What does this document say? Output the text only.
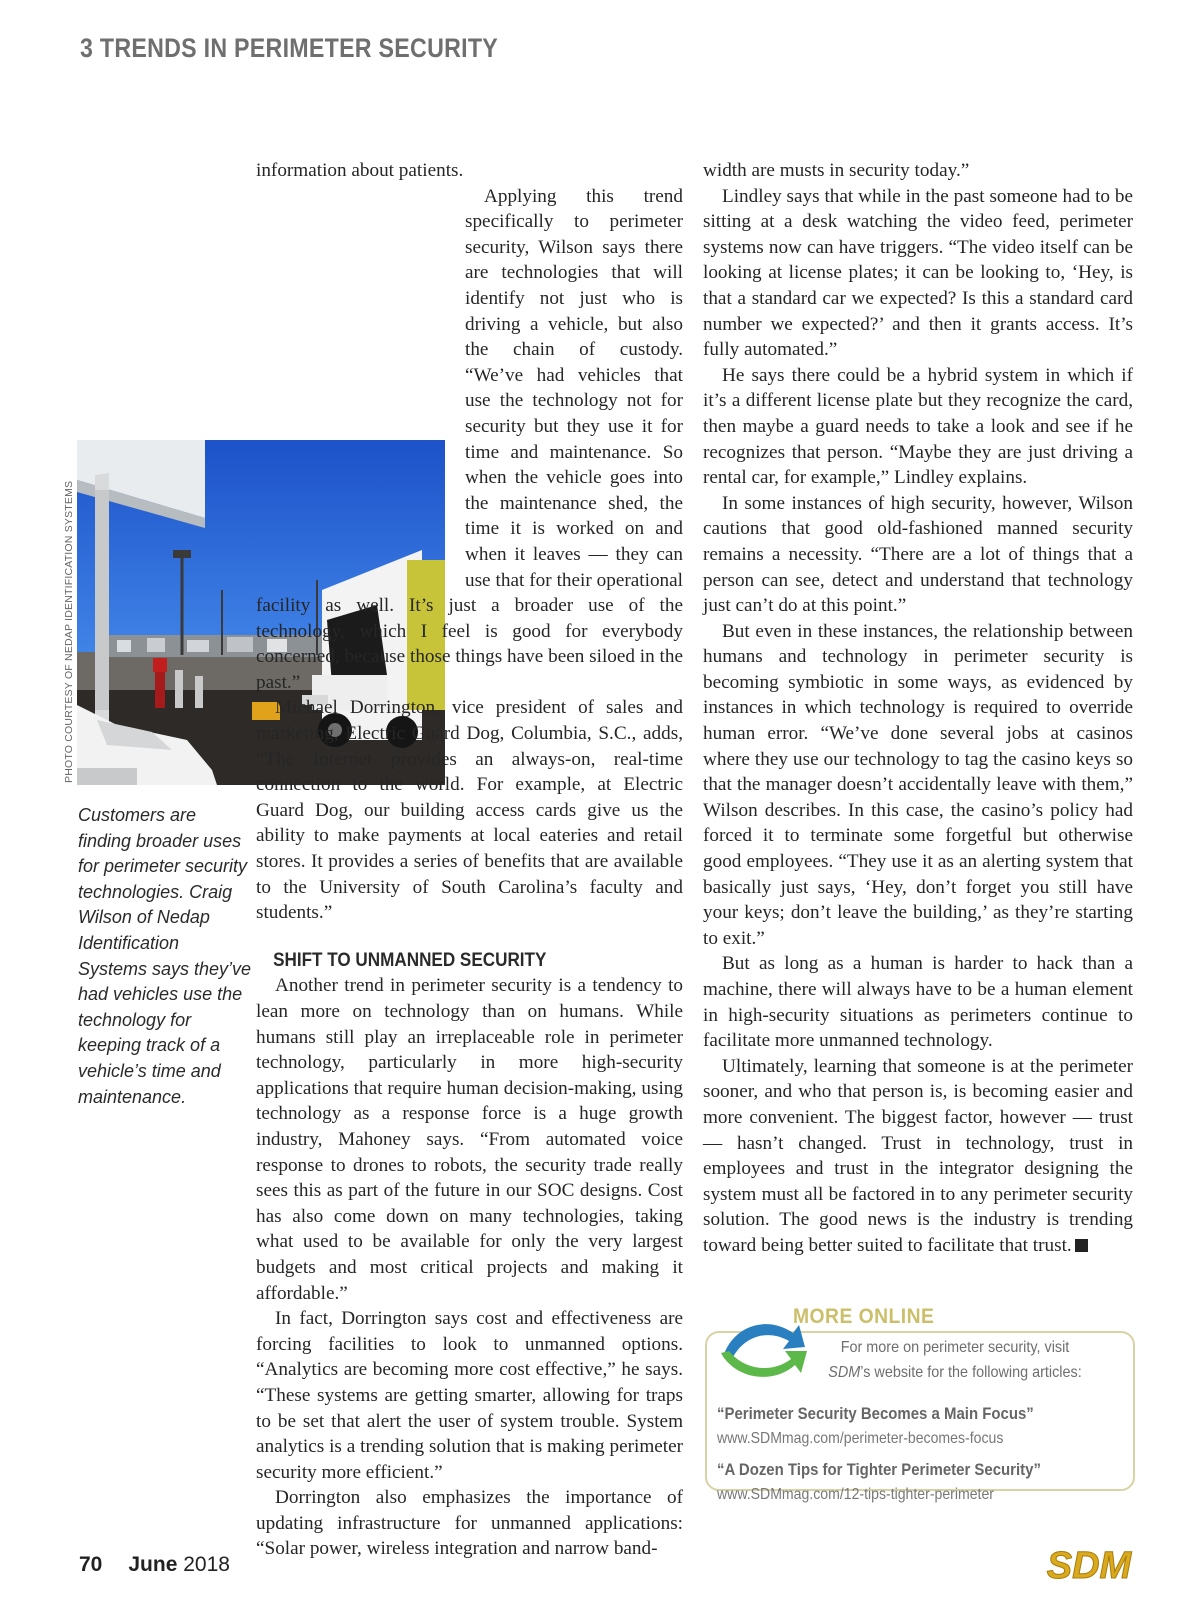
3 TRENDS IN PERIMETER SECURITY
PHOTO COURTESY OF NEDAP IDENTIFICATION SYSTEMS
Customers are finding broader uses for perimeter security technologies. Craig Wilson of Nedap Identification Systems says they’ve had vehicles use the technology for keeping track of a vehicle’s time and maintenance.

information about patients.

Applying this trend specifically to perimeter security, Wilson says there are technologies that will identify not just who is driving a vehicle, but also the chain of custody. “We’ve had vehicles that use the technology not for security but they use it for time and maintenance. So when the vehicle goes into the maintenance shed, the time it is worked on and when it leaves — they can use that for their operational facility as well. It’s just a broader use of the technology, which I feel is good for everybody concerned, because those things have been siloed in the past.”

Michael Dorrington, vice president of sales and marketing, Electric Guard Dog, Columbia, S.C., adds, “The Internet provides an always-on, real-time connection to the world. For example, at Electric Guard Dog, our building access cards give us the ability to make payments at local eateries and retail stores. It provides a series of benefits that are available to the University of South Carolina’s faculty and students.”

SHIFT TO UNMANNED SECURITY

Another trend in perimeter security is a tendency to lean more on technology than on humans. While humans still play an irreplaceable role in perimeter technology, particularly in more high-security applications that require human decision-making, using technology as a response force is a huge growth industry, Mahoney says. “From automated voice response to drones to robots, the security trade really sees this as part of the future in our SOC designs. Cost has also come down on many technologies, taking what used to be available for only the very largest budgets and most critical projects and making it affordable.”

In fact, Dorrington says cost and effectiveness are forcing facilities to look to unmanned options. “Analytics are becoming more cost effective,” he says. “These systems are getting smarter, allowing for traps to be set that alert the user of system trouble. System analytics is a trending solution that is making perimeter security more efficient.”

Dorrington also emphasizes the importance of updating infrastructure for unmanned applications: “Solar power, wireless integration and narrow band-

width are musts in security today.”

Lindley says that while in the past someone had to be sitting at a desk watching the video feed, perimeter systems now can have triggers. “The video itself can be looking at license plates; it can be looking to, ‘Hey, is that a standard car we expected? Is this a standard card number we expected?’ and then it grants access. It’s fully automated.”

He says there could be a hybrid system in which if it’s a different license plate but they recognize the card, then maybe a guard needs to take a look and see if he recognizes that person. “Maybe they are just driving a rental car, for example,” Lindley explains.

In some instances of high security, however, Wilson cautions that good old-fashioned manned security remains a necessity. “There are a lot of things that a person can see, detect and understand that technology just can’t do at this point.”

But even in these instances, the relationship between humans and technology in perimeter security is becoming symbiotic in some ways, as evidenced by instances in which technology is required to override human error. “We’ve done several jobs at casinos where they use our technology to tag the casino keys so that the manager doesn’t accidentally leave with them,” Wilson describes. In this case, the casino’s policy had forced it to terminate some forgetful but otherwise good employees. “They use it as an alerting system that basically just says, ‘Hey, don’t forget you still have your keys; don’t leave the building,’ as they’re starting to exit.”

But as long as a human is harder to hack than a machine, there will always have to be a human element in high-security situations as perimeters continue to facilitate more unmanned technology.

Ultimately, learning that someone is at the perimeter sooner, and who that person is, is becoming easier and more convenient. The biggest factor, however — trust — hasn’t changed. Trust in technology, trust in employees and trust in the integrator designing the system must all be factored in to any perimeter security solution. The good news is the industry is trending toward being better suited to facilitate that trust.

MORE ONLINE
For more on perimeter security, visit SDM’s website for the following articles:
“Perimeter Security Becomes a Main Focus”
www.SDMmag.com/perimeter-becomes-focus
“A Dozen Tips for Tighter Perimeter Security”
www.SDMmag.com/12-tips-tighter-perimeter
70 June 2018	SDM
